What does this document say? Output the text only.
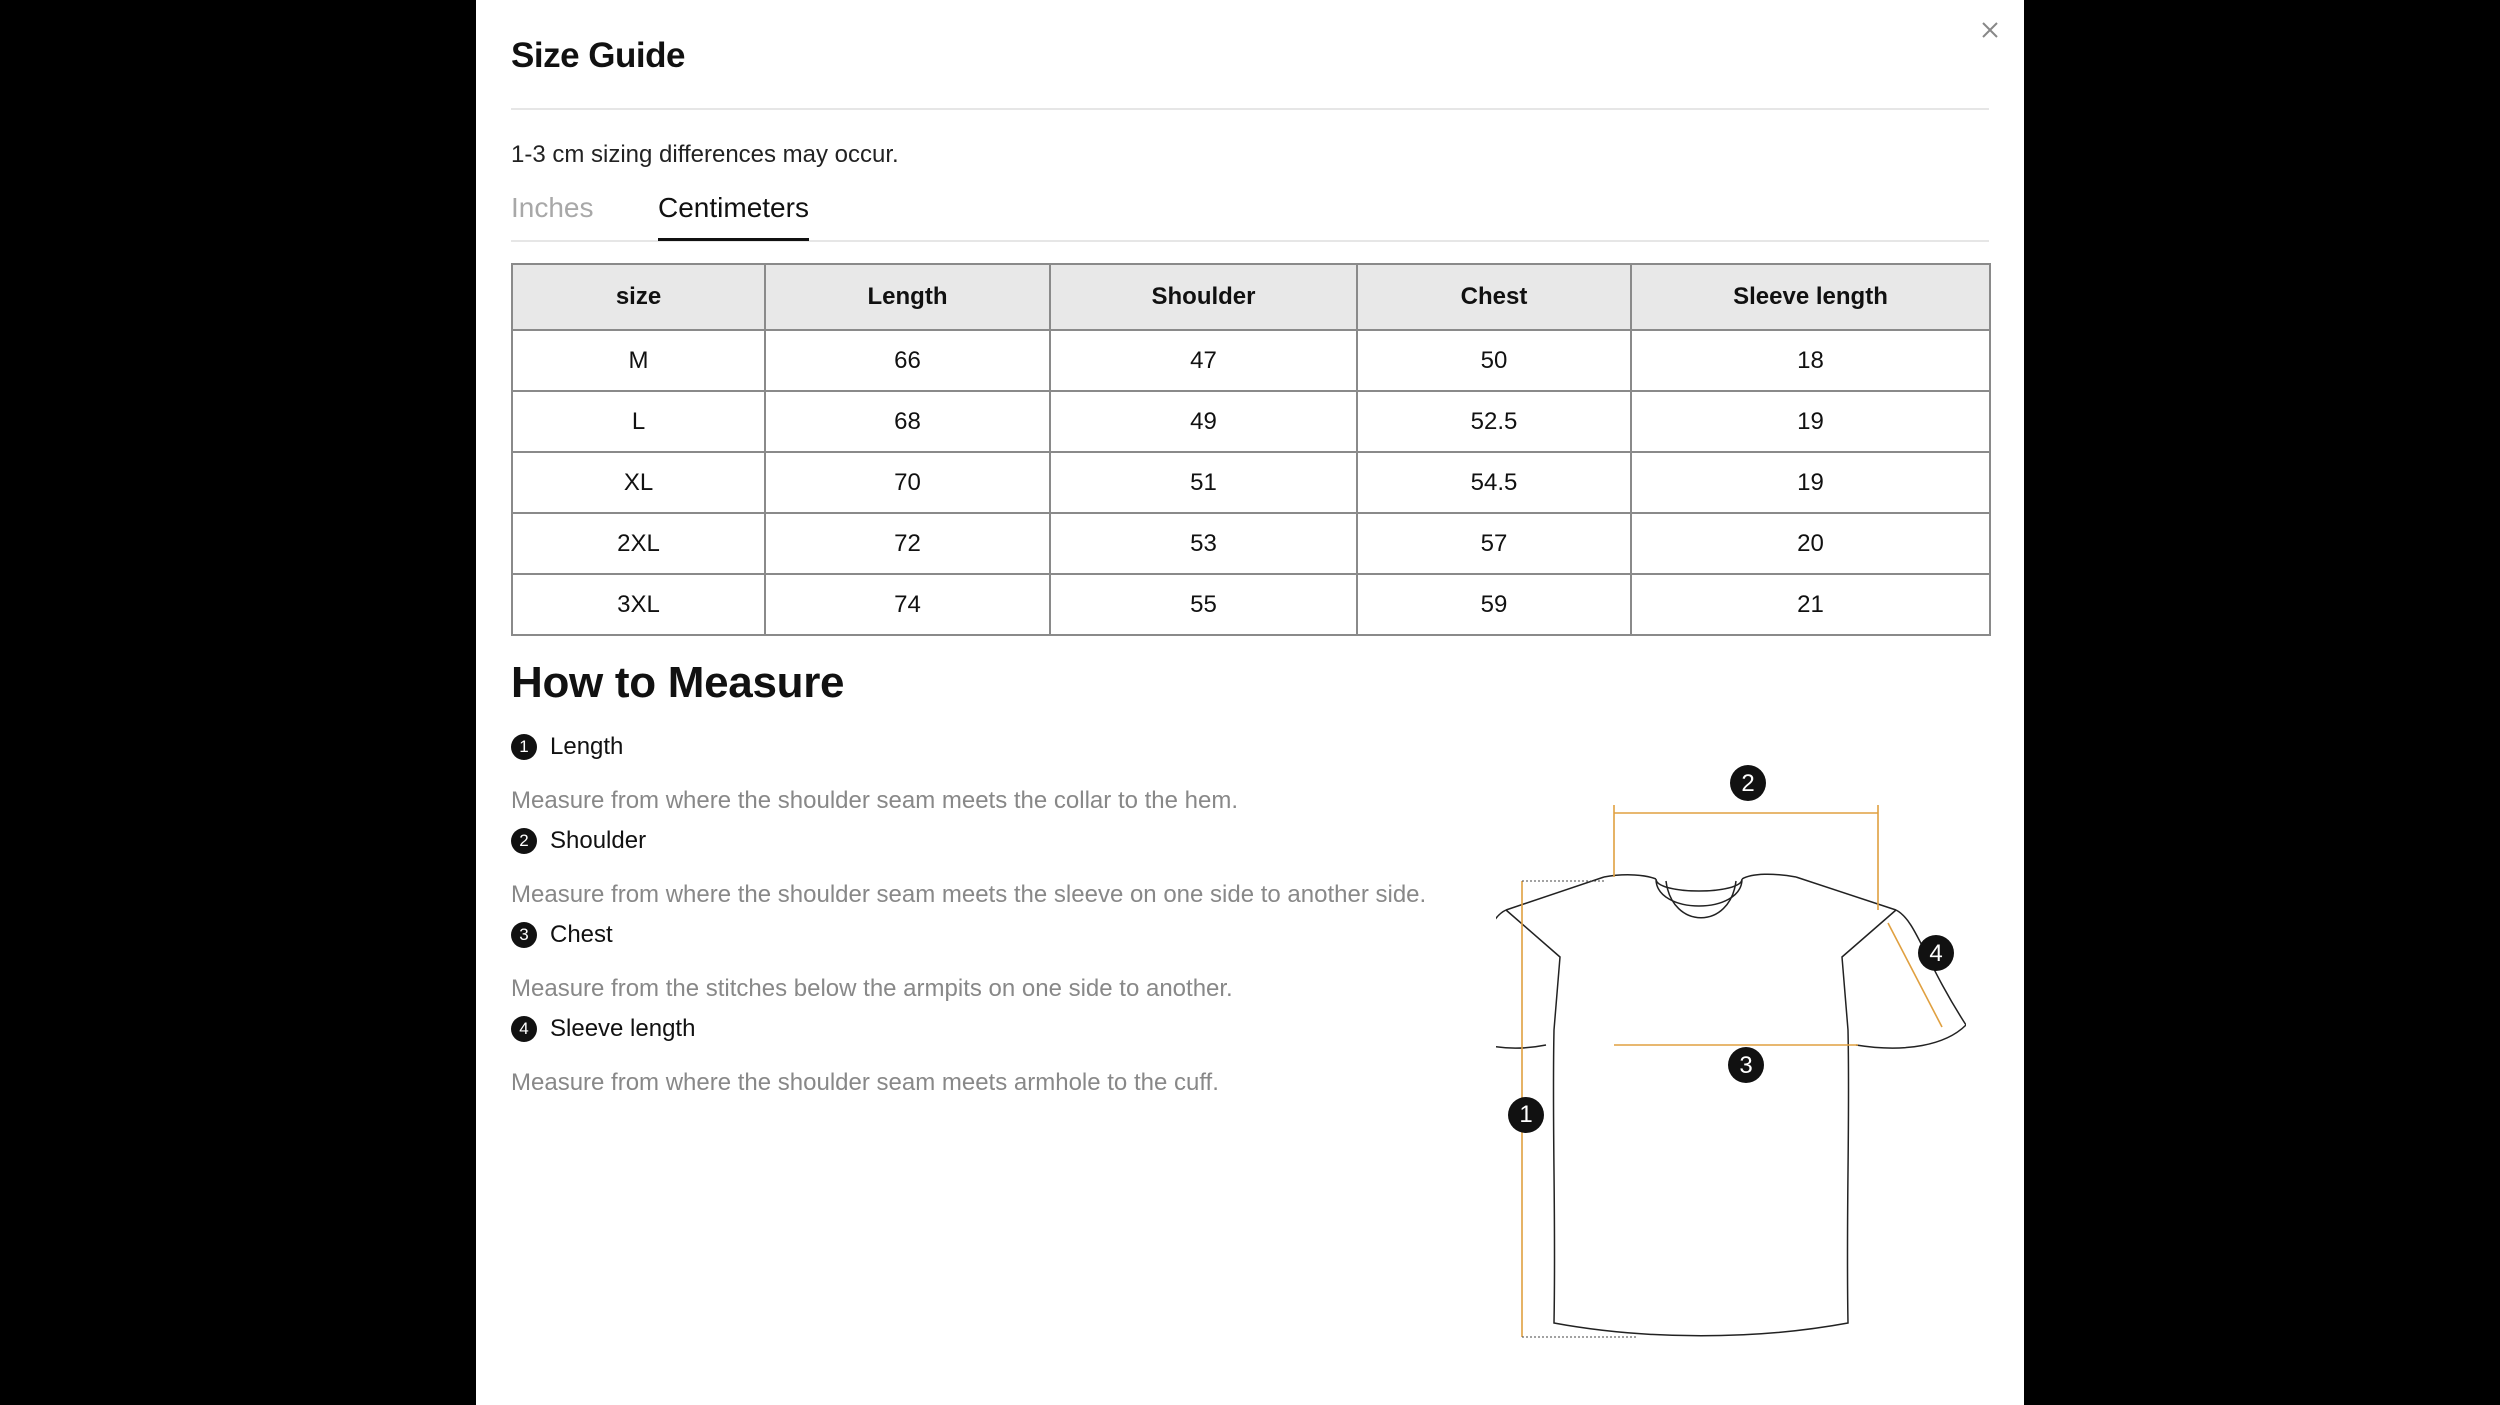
Size Guide
1-3 cm sizing differences may occur.
Inches Centimeters
size	Length	Shoulder	Chest	Sleeve length
M	66	47	50	18
L	68	49	52.5	19
XL	70	51	54.5	19
2XL	72	53	57	20
3XL	74	55	59	21
How to Measure
1 Length
Measure from where the shoulder seam meets the collar to the hem.
2 Shoulder
Measure from where the shoulder seam meets the sleeve on one side to another side.
3 Chest
Measure from the stitches below the armpits on one side to another.
4 Sleeve length
Measure from where the shoulder seam meets armhole to the cuff.
2
3
4
1
